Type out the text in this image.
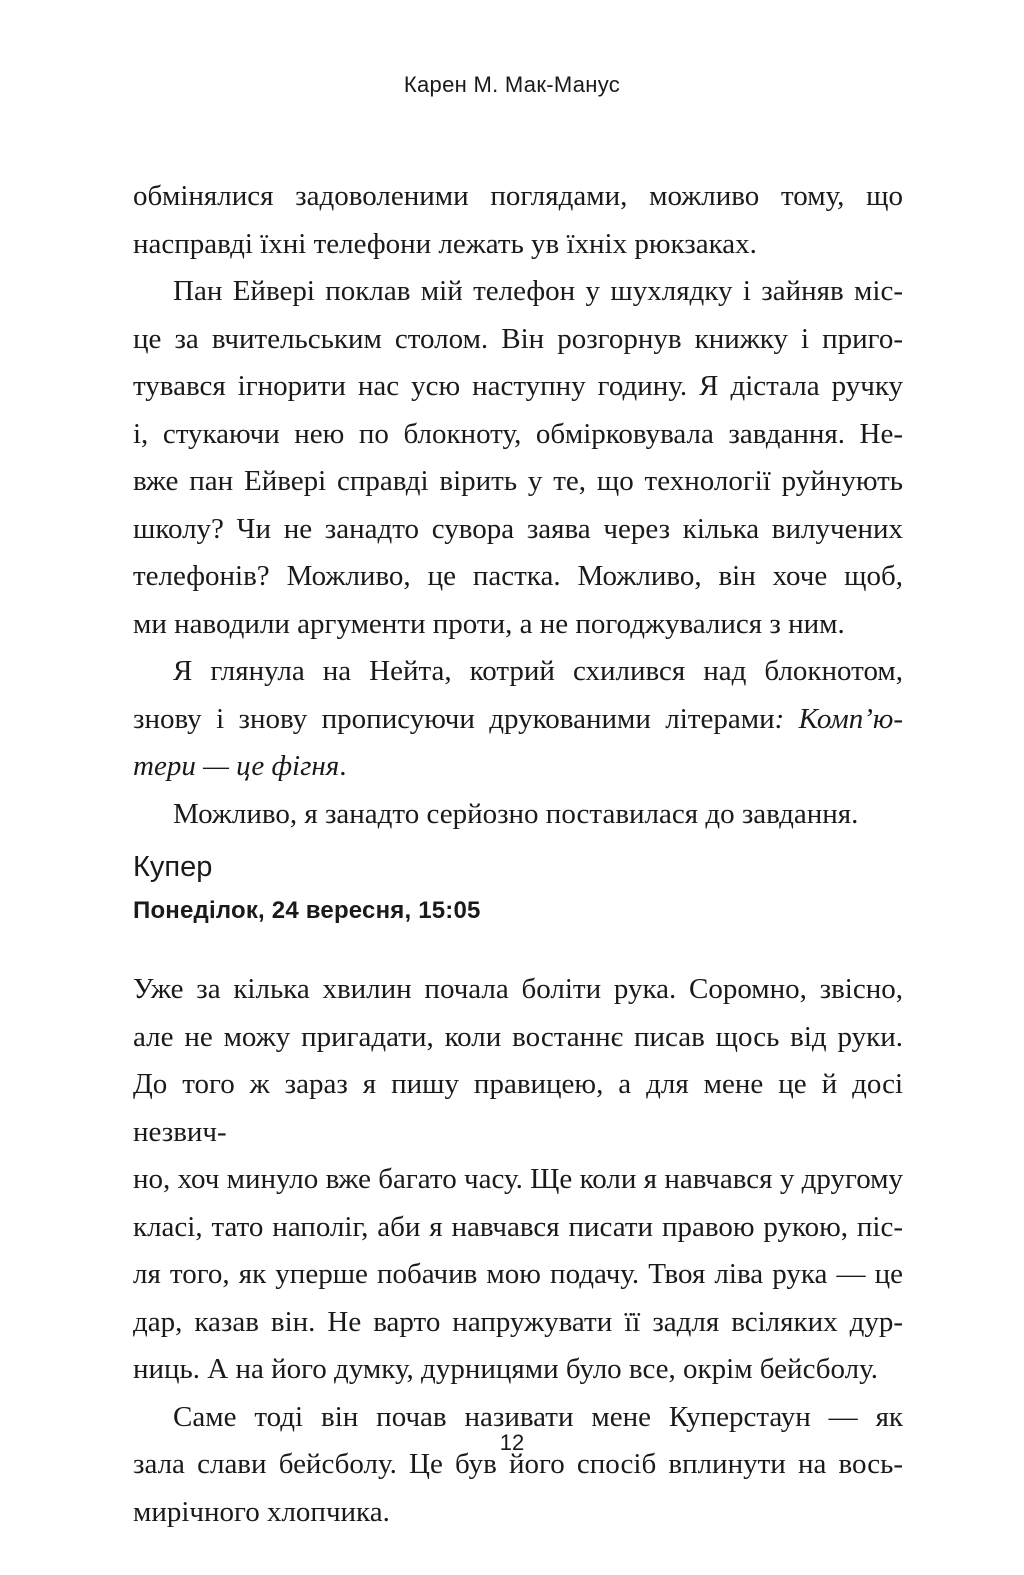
Карен М. Мак-Манус

обмінялися задоволеними поглядами, можливо тому, що
насправді їхні телефони лежать ув їхніх рюкзаках.

Пан Ейвері поклав мій телефон у шухлядку і зайняв міс-
це за вчительським столом. Він розгорнув книжку і приго-
тувався ігнорити нас усю наступну годину. Я дістала ручку
і, стукаючи нею по блокноту, обмірковувала завдання. Не-
вже пан Ейвері справді вірить у те, що технології руйнують
школу? Чи не занадто сувора заява через кілька вилучених
телефонів? Можливо, це пастка. Можливо, він хоче щоб,
ми наводили аргументи проти, а не погоджувалися з ним.

Я глянула на Нейта, котрий схилився над блокнотом,
знову і знову прописуючи друкованими літерами: Комп’ю-
тери — це фігня.

Можливо, я занадто серйозно поставилася до завдання.

Купер
Понеділок, 24 вересня, 15:05

Уже за кілька хвилин почала боліти рука. Соромно, звісно,
але не можу пригадати, коли востаннє писав щось від руки.
До того ж зараз я пишу правицею, а для мене це й досі незвич-
но, хоч минуло вже багато часу. Ще коли я навчався у другому
класі, тато наполіг, аби я навчався писати правою рукою, піс-
ля того, як уперше побачив мою подачу. Твоя ліва рука — це
дар, казав він. Не варто напружувати її задля всіляких дур-
ниць. А на його думку, дурницями було все, окрім бейсболу.

Саме тоді він почав називати мене Куперстаун — як
зала слави бейсболу. Це був його спосіб вплинути на вось-
мирічного хлопчика.

12
